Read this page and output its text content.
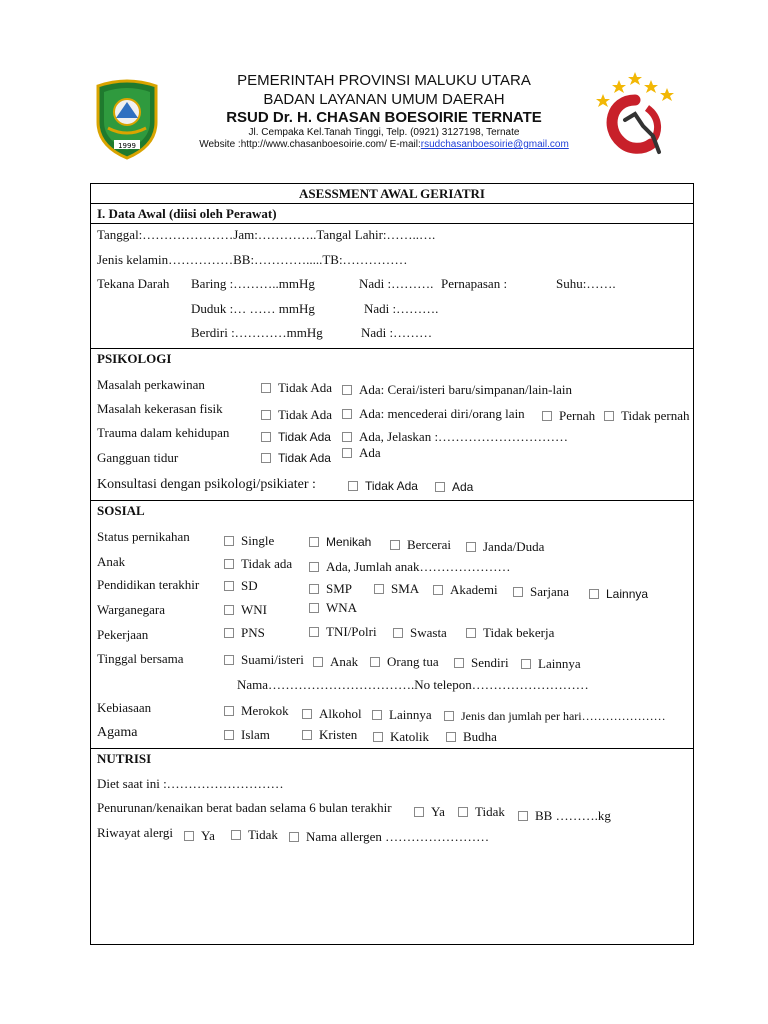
1999
PEMERINTAH PROVINSI MALUKU UTARA
BADAN LAYANAN UMUM DAERAH
RSUD Dr. H. CHASAN BOESOIRIE TERNATE
Jl. Cempaka Kel.Tanah Tinggi, Telp. (0921) 3127198, Ternate
Website :http://www.chasanboesoirie.com/ E-mail:rsudchasanboesoirie@gmail.com
ASESSMENT AWAL GERIATRI
I. Data Awal (diisi oleh Perawat)
Tanggal:…………………Jam:…………..Tangal Lahir:……..….
Jenis kelamin……………BB:………….....TB:……………
Tekana Darah Baring :………..mmHg	Nadi :………. Pernapasan :	Suhu:…….
Duduk :… …… mmHg	Nadi :……….
Berdiri :…………mmHg	Nadi :………
PSIKOLOGI
Masalah perkawinan	Tidak Ada	Ada: Cerai/isteri baru/simpanan/lain-lain
Masalah kekerasan fisik	Tidak Ada	Ada: mencederai diri/orang lain	Pernah	Tidak pernah
Trauma dalam kehidupan	Tidak Ada	Ada, Jelaskan :…………………………
Gangguan tidur	Tidak Ada	Ada
Konsultasi dengan psikologi/psikiater :	Tidak Ada	Ada
SOSIAL
Status pernikahan	Single	Menikah	Bercerai	Janda/Duda
Anak	Tidak ada	Ada, Jumlah anak…………………
Pendidikan terakhir	SD	SMP	SMA	Akademi	Sarjana	Lainnya
Warganegara	WNI	WNA
Pekerjaan	PNS	TNI/Polri	Swasta	Tidak bekerja
Tinggal bersama	Suami/isteri	Anak	Orang tua	Sendiri	Lainnya
Nama…………………………….No telepon………………………
Kebiasaan	Merokok	Alkohol	Lainnya	Jenis dan jumlah per hari…………………
Agama	Islam	Kristen	Katolik	Budha
NUTRISI
Diet saat ini :………………………
Penurunan/kenaikan berat badan selama 6 bulan terakhir	Ya	Tidak	BB ……….kg
Riwayat alergi	Ya	Tidak	Nama allergen ……………………
